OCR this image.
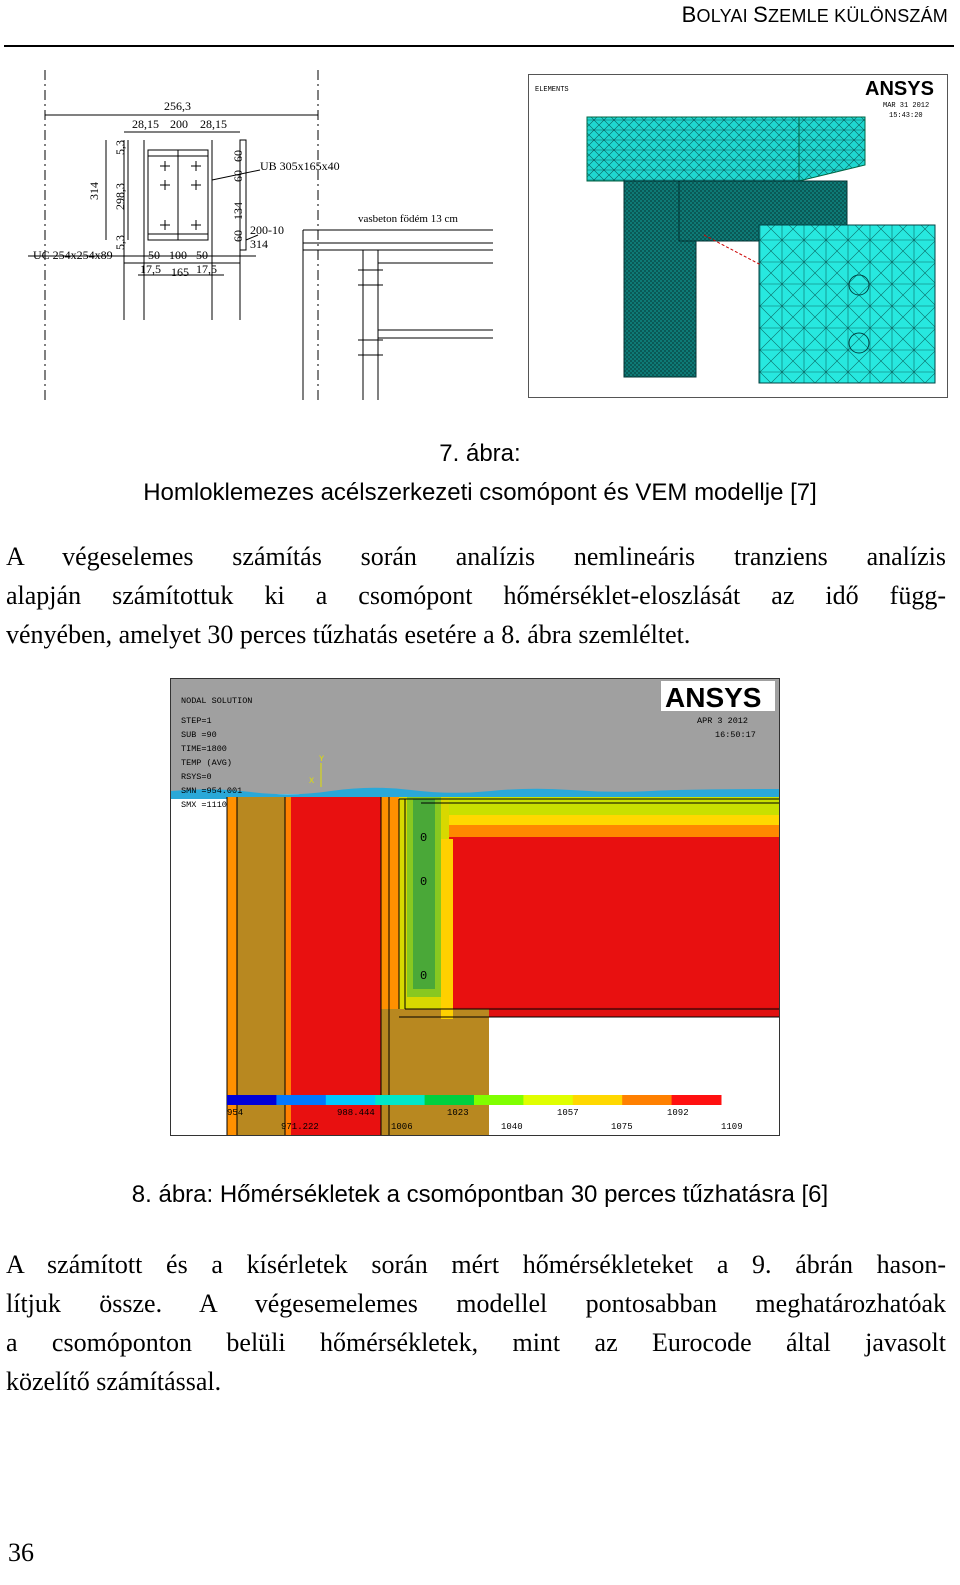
BOLYAI SZEMLE KÜLÖNSZÁM
256,3
28,15 200 28,15
UB 305x165x40
UC 254x254x89
vasbeton födém 13 cm
200-10
314
50 100 50
17,5 165 17,5
314 298,3
5,3
5,3
60
134
60
60
ELEMENTS	ANSYS
MAR 31 2012
15:43:20
7. ábra:
Homloklemezes acélszerkezeti csomópont és VEM modellje [7]
A végeselemes számítás során analízis nemlineáris tranziens analízis
alapján számítottuk ki a csomópont hőmérséklet-eloszlását az idő függ-
vényében, amelyet 30 perces tűzhatás esetére a 8. ábra szemléltet.
0
0
0
NODAL SOLUTION
STEP=1
SUB =90
TIME=1800
TEMP (AVG)
RSYS=0
SMN =954.001
SMX =1110
APR 3 2012
16:50:17
Y
X
ANSYS
954	988.444	1023	1057	1092
971.222	1006	1040	1075	1109
8. ábra: Hőmérsékletek a csomópontban 30 perces tűzhatásra [6]
A számított és a kísérletek során mért hőmérsékleteket a 9. ábrán hason-
lítjuk össze. A végesemelemes modellel pontosabban meghatározhatóak
a csomóponton belüli hőmérsékletek, mint az Eurocode által javasolt
közelítő számítással.
36
